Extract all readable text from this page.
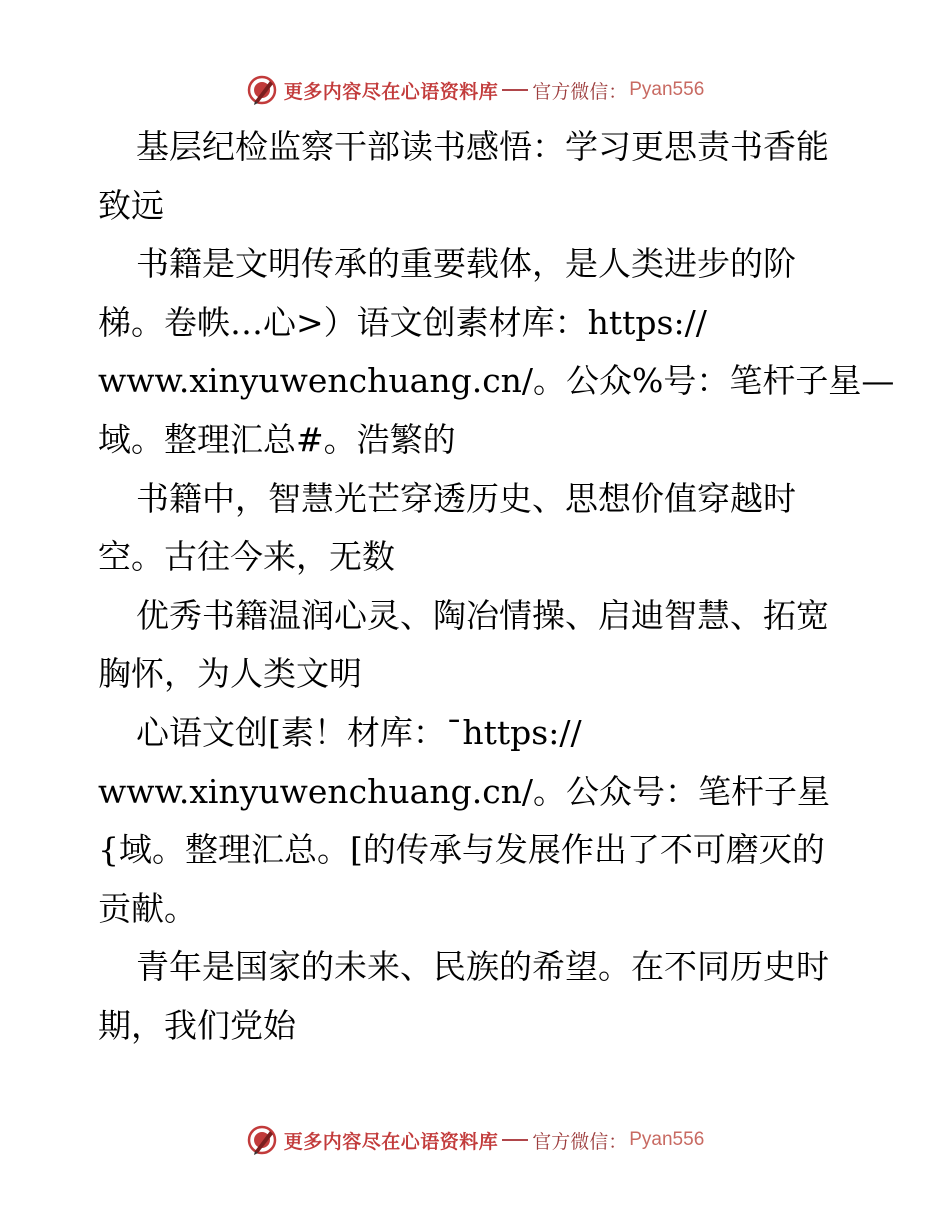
更多内容尽在心语资料库 官方微信： Pyan556
基层纪检监察干部读书感悟：学习更思责书香能
致远
书籍是文明传承的重要载体，是人类进步的阶
梯。卷帙…心>）语文创素材库：https://
www.xinyuwenchuang.cn/。公众%号：笔杆子星—
域。整理汇总#。浩繁的
书籍中，智慧光芒穿透历史、思想价值穿越时
空。古往今来，无数
优秀书籍温润心灵、陶冶情操、启迪智慧、拓宽
胸怀，为人类文明
心语文创[素！材库：¯https://
www.xinyuwenchuang.cn/。公众号：笔杆子星
{域。整理汇总。[的传承与发展作出了不可磨灭的
贡献。
青年是国家的未来、民族的希望。在不同历史时
期，我们党始
更多内容尽在心语资料库 官方微信： Pyan556
